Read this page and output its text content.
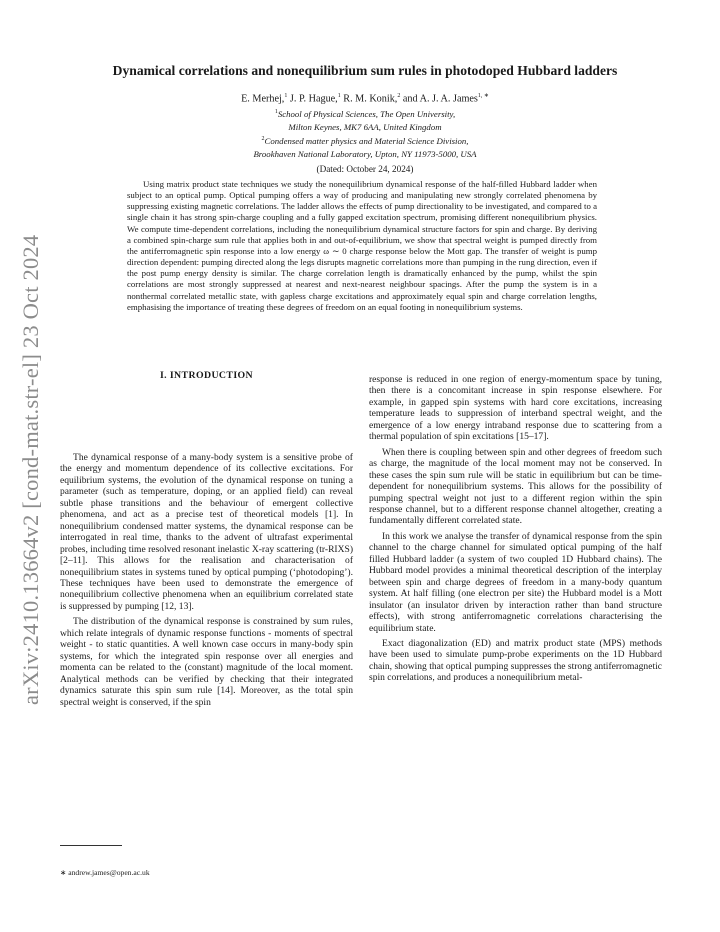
arXiv:2410.13664v2 [cond-mat.str-el] 23 Oct 2024
Dynamical correlations and nonequilibrium sum rules in photodoped Hubbard ladders
E. Merhej,$^1$ J. P. Hague,$^1$ R. M. Konik,$^2$ and A. J. A. James$^{1, ∗}$
$^1$School of Physical Sciences, The Open University,
Milton Keynes, MK7 6AA, United Kingdom
$^2$Condensed matter physics and Material Science Division,
Brookhaven National Laboratory, Upton, NY 11973-5000, USA
(Dated: October 24, 2024)
Using matrix product state techniques we study the nonequilibrium dynamical response of the half-filled Hubbard ladder when subject to an optical pump. Optical pumping offers a way of producing and manipulating new strongly correlated phenomena by suppressing existing magnetic correlations. The ladder allows the effects of pump directionality to be investigated, and compared to a single chain it has strong spin-charge coupling and a fully gapped excitation spectrum, promising different nonequilibrium physics. We compute time-dependent correlations, including the nonequilibrium dynamical structure factors for spin and charge. By deriving a combined spin-charge sum rule that applies both in and out-of-equilibrium, we show that spectral weight is pumped directly from the antiferromagnetic spin response into a low energy ω ∼ 0 charge response below the Mott gap. The transfer of weight is pump direction dependent: pumping directed along the legs disrupts magnetic correlations more than pumping in the rung direction, even if the post pump energy density is similar. The charge correlation length is dramatically enhanced by the pump, whilst the spin correlations are most strongly suppressed at nearest and next-nearest neighbour spacings. After the pump the system is in a nonthermal correlated metallic state, with gapless charge excitations and approximately equal spin and charge correlation lengths, emphasising the importance of treating these degrees of freedom on an equal footing in nonequilibrium systems.
I. INTRODUCTION

The dynamical response of a many-body system is a sensitive probe of the energy and momentum dependence of its collective excitations. For equilibrium systems, the evolution of the dynamical response on tuning a parameter (such as temperature, doping, or an applied field) can reveal subtle phase transitions and the behaviour of emergent collective phenomena, and act as a precise test of theoretical models [1]. In nonequilibrium condensed matter systems, the dynamical response can be interrogated in real time, thanks to the advent of ultrafast experimental probes, including time resolved resonant inelastic X-ray scattering (tr-RIXS) [2–11]. This allows for the realisation and characterisation of nonequilibrium states in systems tuned by optical pumping (‘photodoping’). These techniques have been used to demonstrate the emergence of nonequilibrium collective phenomena when an equilibrium correlated state is suppressed by pumping [12, 13].

The distribution of the dynamical response is constrained by sum rules, which relate integrals of dynamic response functions - moments of spectral weight - to static quantities. A well known case occurs in many-body spin systems, for which the integrated spin response over all energies and momenta can be related to the (constant) magnitude of the local moment. Analytical methods can be verified by checking that their integrated dynamics saturate this spin sum rule [14]. Moreover, as the total spin spectral weight is conserved, if the spin

response is reduced in one region of energy-momentum space by tuning, then there is a concomitant increase in spin response elsewhere. For example, in gapped spin systems with hard core excitations, increasing temperature leads to suppression of interband spectral weight, and the emergence of a low energy intraband response due to scattering from a thermal population of spin excitations [15–17].

When there is coupling between spin and other degrees of freedom such as charge, the magnitude of the local moment may not be conserved. In these cases the spin sum rule will be static in equilibrium but can be time-dependent for nonequilibrium systems. This allows for the possibility of pumping spectral weight not just to a different region within the spin response channel, but to a different response channel altogether, creating a fundamentally different correlated state.

In this work we analyse the transfer of dynamical response from the spin channel to the charge channel for simulated optical pumping of the half filled Hubbard ladder (a system of two coupled 1D Hubbard chains). The Hubbard model provides a minimal theoretical description of the interplay between spin and charge degrees of freedom in a many-body quantum system. At half filling (one electron per site) the Hubbard model is a Mott insulator (an insulator driven by interaction rather than band structure effects), with strong antiferromagnetic correlations characterising the equilibrium state.

Exact diagonalization (ED) and matrix product state (MPS) methods have been used to simulate pump-probe experiments on the 1D Hubbard chain, showing that optical pumping suppresses the strong antiferromagnetic spin correlations, and produces a nonequilibrium metal-

∗ andrew.james@open.ac.uk
